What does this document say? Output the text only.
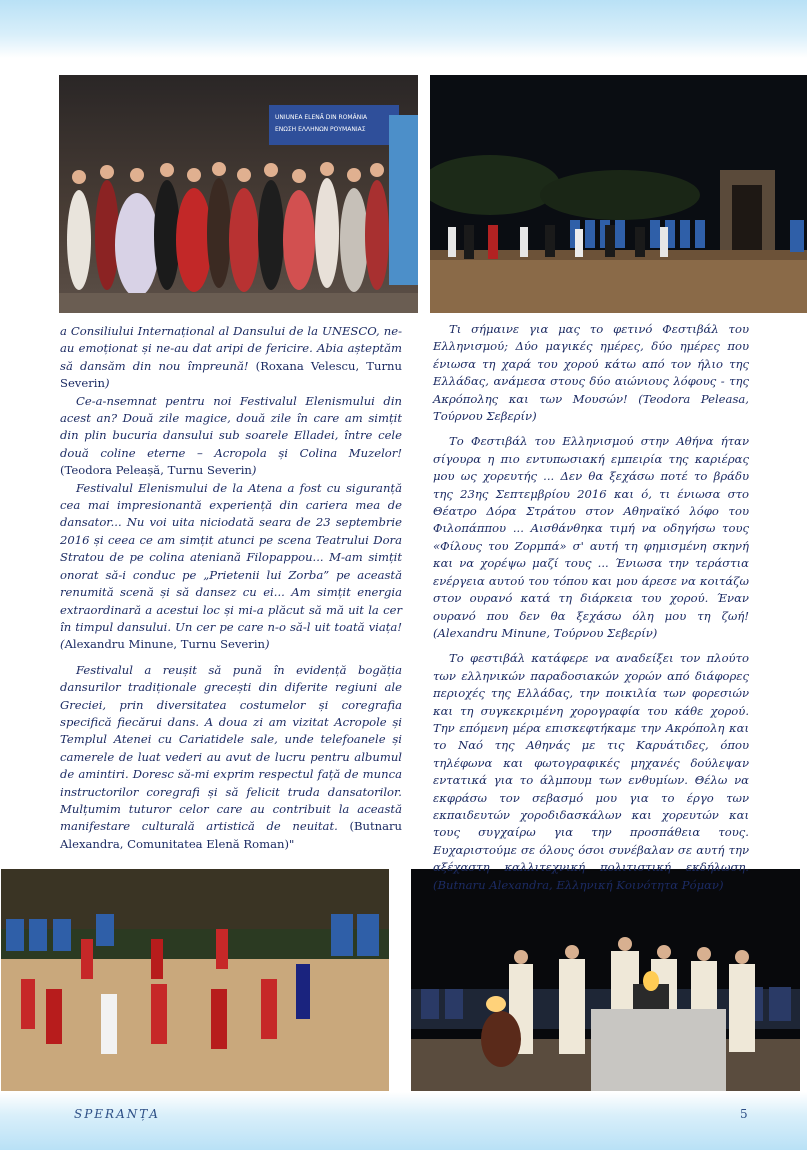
UNIUNEA ELENĂ DIN ROMÂNIA
ΕΝΩΣΗ ΕΛΛΗΝΩΝ ΡΟΥΜΑΝΙΑΣ

a Consiliului Internațional al Dansului de la UNESCO, ne-au emoționat și ne-au dat aripi de fericire. Abia așteptăm să dansăm din nou împreună! (Roxana Velescu, Turnu Severin)

Ce-a-nsemnat pentru noi Festivalul Elenismului din acest an? Două zile magice, două zile în care am simțit din plin bucuria dansului sub soarele Elladei, între cele două coline eterne – Acropola și Colina Muzelor! (Teodora Peleașă, Turnu Severin)

Festivalul Elenismului de la Atena a fost cu siguranță cea mai impresionantă experiență din cariera mea de dansator... Nu voi uita niciodată seara de 23 septembrie 2016 și ceea ce am simțit atunci pe scena Teatrului Dora Stratou de pe colina ateniană Filopappou... M-am simțit onorat să-i conduc pe „Prietenii lui Zorba” pe această renumită scenă și să dansez cu ei... Am simțit energia extraordinară a acestui loc și mi-a plăcut să mă uit la cer în timpul dansului. Un cer pe care n-o să-l uit toată viața! (Alexandru Minune, Turnu Severin)

Festivalul a reușit să pună în evidență bogăția dansurilor tradiționale grecești din diferite regiuni ale Greciei, prin diversitatea costumelor și coregrafia specifică fiecărui dans. A doua zi am vizitat Acropole și Templul Atenei cu Cariatidele sale, unde telefoanele și camerele de luat vederi au avut de lucru pentru albumul de amintiri. Doresc să-mi exprim respectul față de munca instructorilor coregrafi și să felicit truda dansatorilor. Mulțumim tuturor celor care au contribuit la această manifestare culturală artistică de neuitat. (Butnaru Alexandra, Comunitatea Elenă Roman)"

Τι σήμαινε για μας το φετινό Φεστιβάλ του Ελληνισμού; Δύο μαγικές ημέρες, δύο ημέρες που ένιωσα τη χαρά του χορού κάτω από τον ήλιο της Ελλάδας, ανάμεσα στους δύο αιώνιους λόφους - της Ακρόπολης και των Μουσών! (Teodora Peleasa, Τούρνου Σεβερίν)

Το Φεστιβάλ του Ελληνισμού στην Αθήνα ήταν σίγουρα η πιο εντυπωσιακή εμπειρία της καριέρας μου ως χορευτής ... Δεν θα ξεχάσω ποτέ το βράδυ της 23ης Σεπτεμβρίου 2016 και ό, τι ένιωσα στο Θέατρο Δόρα Στράτου στον Αθηναϊκό λόφο του Φιλοπάππου ... Αισθάνθηκα τιμή να οδηγήσω τους «Φίλους του Ζορμπά» σ' αυτή τη φημισμένη σκηνή και να χορέψω μαζί τους ... Ένιωσα την τεράστια ενέργεια αυτού του τόπου και μου άρεσε να κοιτάζω στον ουρανό κατά τη διάρκεια του χορού. Έναν ουρανό που δεν θα ξεχάσω όλη μου τη ζωή! (Alexandru Minune, Τούρνου Σεβερίν)

Το φεστιβάλ κατάφερε να αναδείξει τον πλούτο των ελληνικών παραδοσιακών χορών από διάφορες περιοχές της Ελλάδας, την ποικιλία των φορεσιών και τη συγκεκριμένη χορογραφία του κάθε χορού. Την επόμενη μέρα επισκεφτήκαμε την Ακρόπολη και το Ναό της Αθηνάς με τις Καρυάτιδες, όπου τηλέφωνα και φωτογραφικές μηχανές δούλεψαν εντατικά για το άλμπουμ των ενθυμίων. Θέλω να εκφράσω τον σεβασμό μου για το έργο των εκπαιδευτών χοροδιδασκάλων και χορευτών και τους συγχαίρω για την προσπάθεια τους. Ευχαριστούμε σε όλους όσοι συνέβαλαν σε αυτή την αξέχαστη καλλιτεχνική πολιτιστική εκδήλωση. (Butnaru Alexandra, Ελληνική Κοινότητα Ρόμαν)

SPERANȚA	5
